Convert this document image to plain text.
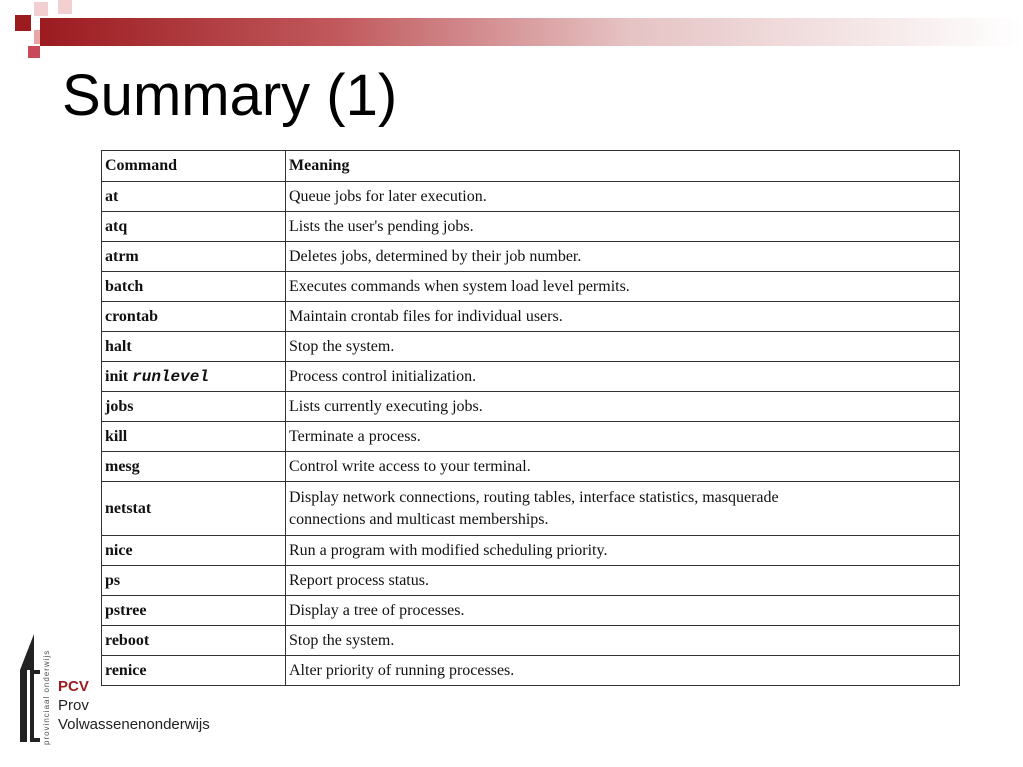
Summary (1)
Command	Meaning
at	Queue jobs for later execution.
atq	Lists the user's pending jobs.
atrm	Deletes jobs, determined by their job number.
batch	Executes commands when system load level permits.
crontab	Maintain crontab files for individual users.
halt	Stop the system.
init runlevel	Process control initialization.
jobs	Lists currently executing jobs.
kill	Terminate a process.
mesg	Control write access to your terminal.
netstat	Display network connections, routing tables, interface statistics, masquerade
connections and multicast memberships.
nice	Run a program with modified scheduling priority.
ps	Report process status.
pstree	Display a tree of processes.
reboot	Stop the system.
renice	Alter priority of running processes.
provinciaal onderwijs PCV
Prov
Volwassenenonderwijs
